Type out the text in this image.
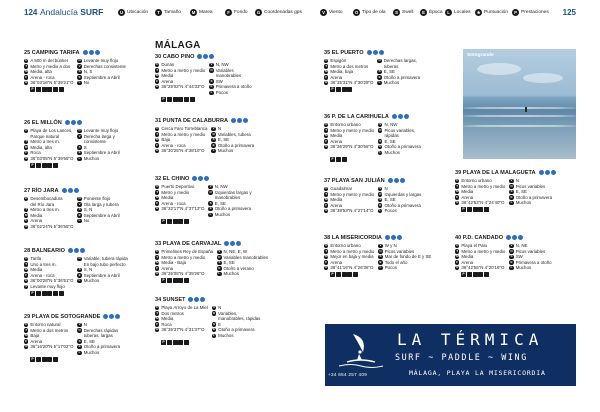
124 Andalucía SURF	U Ubicación	T Tamaño	M Marea	F Fondo	G Coordenadas gps	V Viento	O Tipo de ola	S Swell	E Época	L Locales	★ Puntuación	P Prestaciones 125
MÁLAGA
25 CAMPING TARIFA
U A 500 m del búnker
T Metro y medio a dos
M Media, alta
F Arena - roca
G 36°03'16"N 5°39'21"O
O Levante muy flojo
V Derechas consistente
S N, S
E Septiembre a Abril
L No
P
26 EL MILLÓN
U Playa de Los Lances,
Parque natural
T Metro a tres m.
M Media, alta
F Roca
G 36°03'05"N 5°39'55"O
O Levante muy flojo
V Derecha larga y
consistente
S S
E Septiembre a Abril
L Muchos
P
27 RÍO JARA
U Desembocadura
del Río Jara
T Metro a tres m.
M Media
F Arena
G 36°02'24"N 5°36'55"O
O Poniente flojo
V Ola larga y tubera
S S, N
E Septiembre a Abril
L No
28 BALNEARIO
U Tarifa
T Uno a tres m.
M Media
F Arena - roca
G 36°00'28"N 5°36'51"O
V Levante muy flojo
O Variable, tubera rápida
En bajo tubo perfecto
S S, N
E Septiembre a Abril
L Muchos
P
29 PLAYA DE SOTOGRANDE
U Entorno natural
T Metro a dos metros
M Baja
F Arena
G 36°16'20"N 5°17'02"O
V N
O Derechas rápidas
tuberas, largas
S E, SE
E Otoño a primavera
L Muchos
P
30 CABO PINO
U Dunas
T Metro a metro y medio
M Media
F Arena
G 36°29'02"N 4°44'33"O
V N, NW
O Variables
manobrables
S SW
E Primavera a otoño
L Pocos
P
31 PUNTA DE CALABURRA
U Cerca Faro Torreblanca
T Metro a metro y medio
M Baja
F Arena - roca
G 36°30'25"N 4°38'10"O
V N
O Variables, tubera
S E, SE
E Otoño a primavera
L Muchos
32 EL CHINO
U Puerto Deportivo
T Metro y medio
M Media
F Arena - roca
G 36°32'17"N 4°37'13"O
V N, NW
O Izquierdas largas y
manobrables
S E, SE
E Otoño a primavera
L Muchos
P
33 PLAYA DE CARVAJAL
U Primelines Rey de España
T Metro a metro y medio
M Media - Baja
F Arena
G 36°35'05"N 4°35'26"O
V N, NE, E, W
O Variables manobrables
S E, SE
E Otoño a verano
L Muchos
P
34 SUNSET
U Playa Arroyo de La Miel
T Dos metros
M Media
F Roca
G 36°35'37"N 4°31'37"O
V N
O Variables,
manobrables, rápidas
S E
E Otoño a primavera
L Muchos
P
35 EL PUERTO
U Espigón
T Metro a dos metros
M Media, baja
F Arena
G 36°35'31"N 4°30'29"O
O Derechas largas,
tuberas
S E, SE
E Otoño a primavera
L Muchos
P
36 P. DE LA CARIHUELA
U Entorno urbano
T Metro y metro y medio
M Media
F Arena
G 36°36'29"N 4°30'56"O
V N, NW
O Picos variables,
rápidas
S E, SE
E Otoño a primavera
L Muchos
P
37 PLAYA SAN JULIÁN
U Guadalmar
T Metro y metro y medio
M Media
F Arena
G 36°38'53"N 4°27'14"O
V N
O Izquierdas y largas
S E, SE
E Otoño a primavera
L Pocos
38 LA MISERICORDIA
U Entorno urbano
T Metro a metro y medio
M Mejor en baja y media
F Arena
G 36°41'16"N 4°26'36"O
V W y N
O Picos variables
S Mar de fondo de E y SE
E Todo el año
L Pocos
P
39 PLAYA DE LA MALAGUETA
U Entorno urbano
T Metro a metro y medio
M Media
F Arena
G 36°42'52"N 4°24'40"O
V N
O Picos variables
S E, SE
E Otoño a primavera
L Muchos
P
40 P.D. CANDADO
U Playa el Palo
T Metro a metro y medio
M Media
F Arena
G 36°42'56"N 4°20'16"O
V N, NE
O Picos variables
S SW
E Primavera a otoño
L Muchos
P
Sotogrande
LA TÉRMICA
SURF ~ PADDLE ~ WING
+34 654 257 409	MÁLAGA, PLAYA LA MISERICORDIA
